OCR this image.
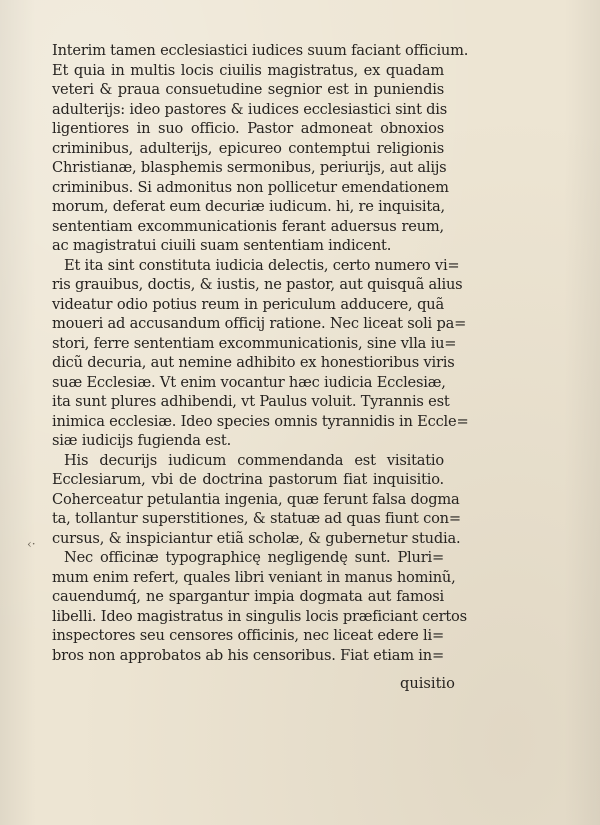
‹·
Interim tamen ecclesiastici iudices suum faciant officium.
Et quia in multis locis ciuilis magistratus, ex quadam
veteri & praua consuetudine segnior est in puniendis
adulterijs: ideo pastores & iudices ecclesiastici sint dis
ligentiores in suo officio. Pastor admoneat obnoxios
criminibus, adulterijs, epicureo contemptui religionis
Christianæ, blasphemis sermonibus, periurijs, aut alijs
criminibus. Si admonitus non pollicetur emendationem
morum, deferat eum decuriæ iudicum. hi, re inquisita,
sententiam excommunicationis ferant aduersus reum,
ac magistratui ciuili suam sententiam indicent.
Et ita sint constituta iudicia delectis, certo numero vi=
ris grauibus, doctis, & iustis, ne pastor, aut quisquã alius
videatur odio potius reum in periculum adducere, quã
moueri ad accusandum officij ratione. Nec liceat soli pa=
stori, ferre sententiam excommunicationis, sine vlla iu=
dicũ decuria, aut nemine adhibito ex honestioribus viris
suæ Ecclesiæ. Vt enim vocantur hæc iudicia Ecclesiæ,
ita sunt plures adhibendi, vt Paulus voluit. Tyrannis est
inimica ecclesiæ. Ideo species omnis tyrannidis in Eccle=
siæ iudicijs fugienda est.
His decurijs iudicum commendanda est visitatio
Ecclesiarum, vbi de doctrina pastorum fiat inquisitio.
Coherceatur petulantia ingenia, quæ ferunt falsa dogma
ta, tollantur superstitiones, & statuæ ad quas fiunt con=
cursus, & inspiciantur etiã scholæ, & gubernetur studia.
Nec officinæ typographicę negligendę sunt. Pluri=
mum enim refert, quales libri veniant in manus hominũ,
cauendumq́, ne spargantur impia dogmata aut famosi
libelli. Ideo magistratus in singulis locis præficiant certos
inspectores seu censores officinis, nec liceat edere li=
bros non approbatos ab his censoribus. Fiat etiam in=
quisitio
